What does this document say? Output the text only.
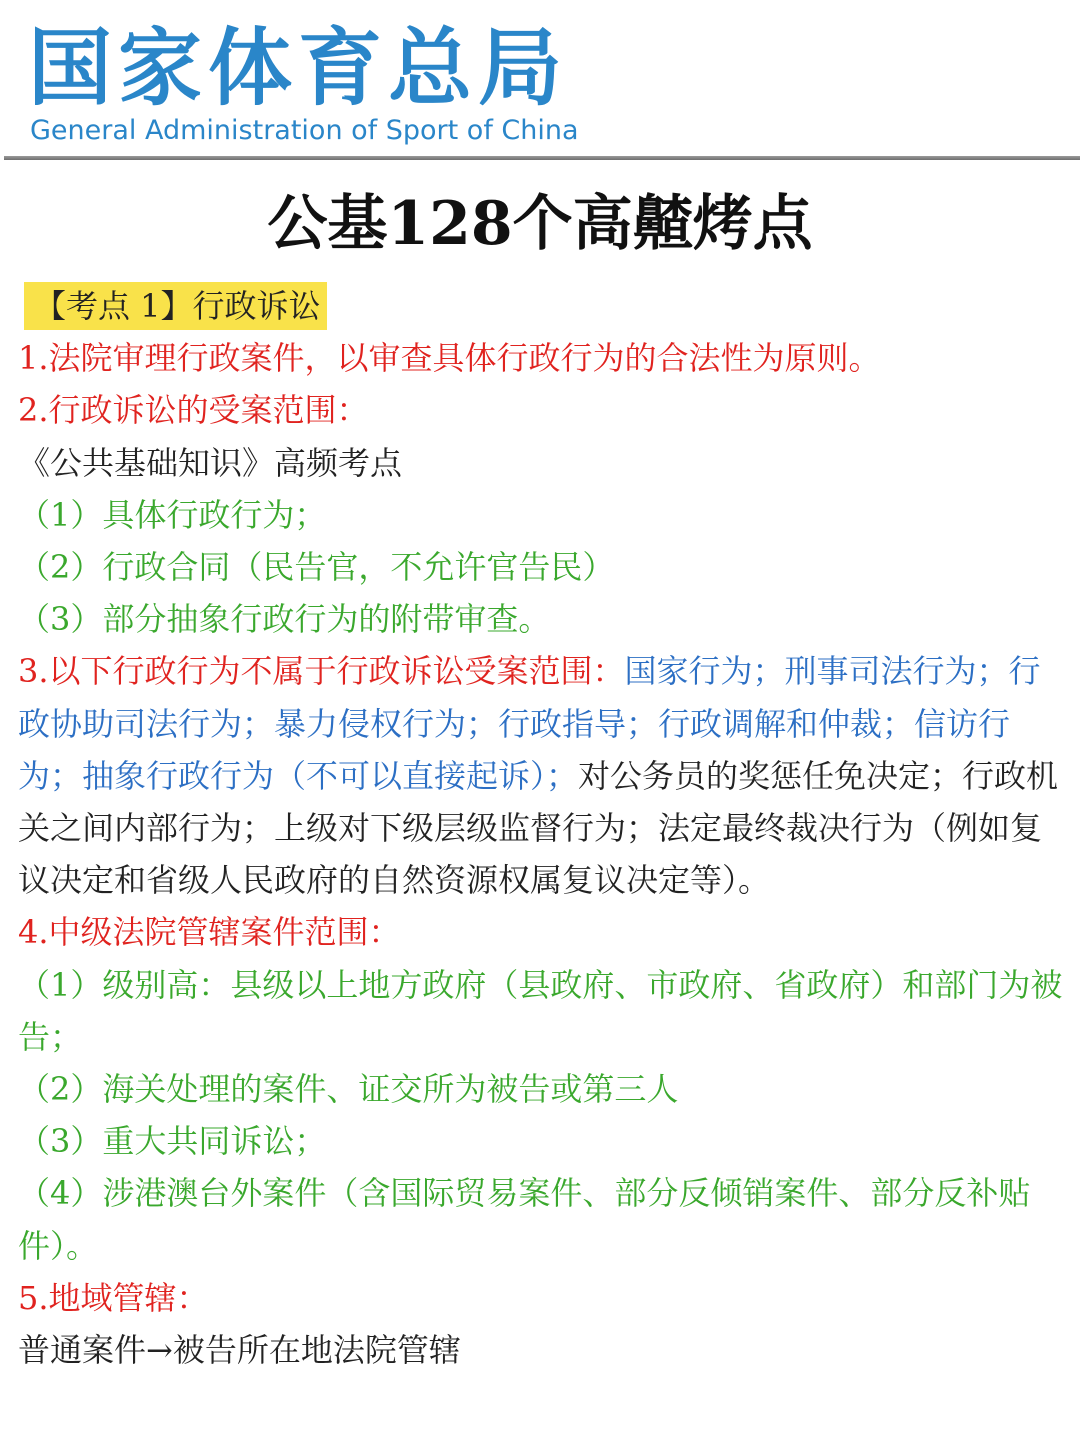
国家体育总局
General Administration of Sport of China
公基128个高齄烤点

【考点 1】行政诉讼

1.法院审理行政案件，以审查具体行政行为的合法性为原则。

2.行政诉讼的受案范围：

《公共基础知识》高频考点

（1）具体行政行为；

（2）行政合同（民告官，不允许官告民）

（3）部分抽象行政行为的附带审查。

3.以下行政行为不属于行政诉讼受案范围：国家行为；刑事司法行为；行政协助司法行为；暴力侵权行为；行政指导；行政调解和仲裁；信访行为；抽象行政行为（不可以直接起诉）；对公务员的奖惩任免决定；行政机关之间内部行为；上级对下级层级监督行为；法定最终裁决行为（例如复议决定和省级人民政府的自然资源权属复议决定等）。

4.中级法院管辖案件范围：

（1）级别高：县级以上地方政府（县政府、市政府、省政府）和部门为被告；

（2）海关处理的案件、证交所为被告或第三人

（3）重大共同诉讼；

（4）涉港澳台外案件（含国际贸易案件、部分反倾销案件、部分反补贴件）。

5.地域管辖：

普通案件→被告所在地法院管辖
